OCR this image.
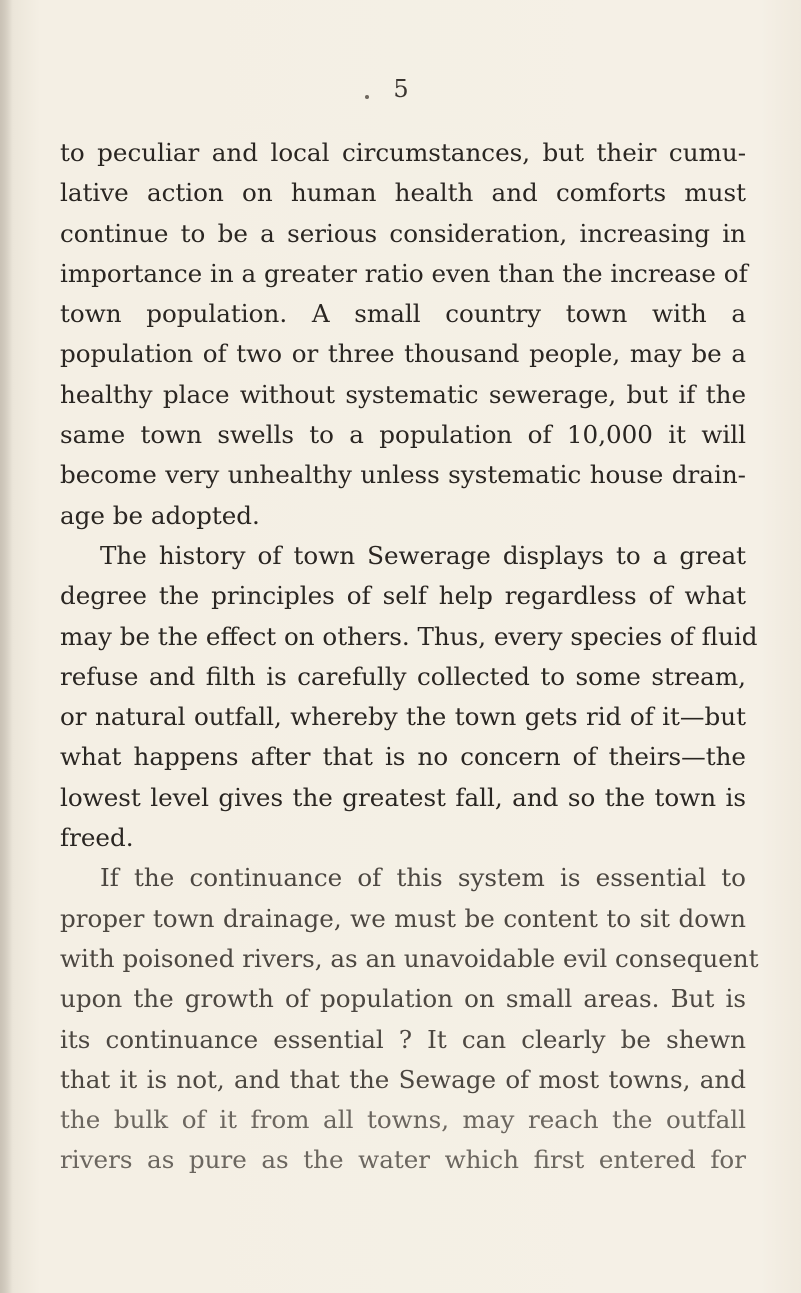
5
to peculiar and local circumstances, but their cumu-
lative action on human health and comforts must
continue to be a serious consideration, increasing in
importance in a greater ratio even than the increase of
town population. A small country town with a
population of two or three thousand people, may be a
healthy place without systematic sewerage, but if the
same town swells to a population of 10,000 it will
become very unhealthy unless systematic house drain-
age be adopted.
The history of town Sewerage displays to a great
degree the principles of self help regardless of what
may be the effect on others. Thus, every species of fluid
refuse and filth is carefully collected to some stream,
or natural outfall, whereby the town gets rid of it—but
what happens after that is no concern of theirs—the
lowest level gives the greatest fall, and so the town is
freed.
If the continuance of this system is essential to
proper town drainage, we must be content to sit down
with poisoned rivers, as an unavoidable evil consequent
upon the growth of population on small areas. But is
its continuance essential ? It can clearly be shewn
that it is not, and that the Sewage of most towns, and
the bulk of it from all towns, may reach the outfall
rivers as pure as the water which first entered for
